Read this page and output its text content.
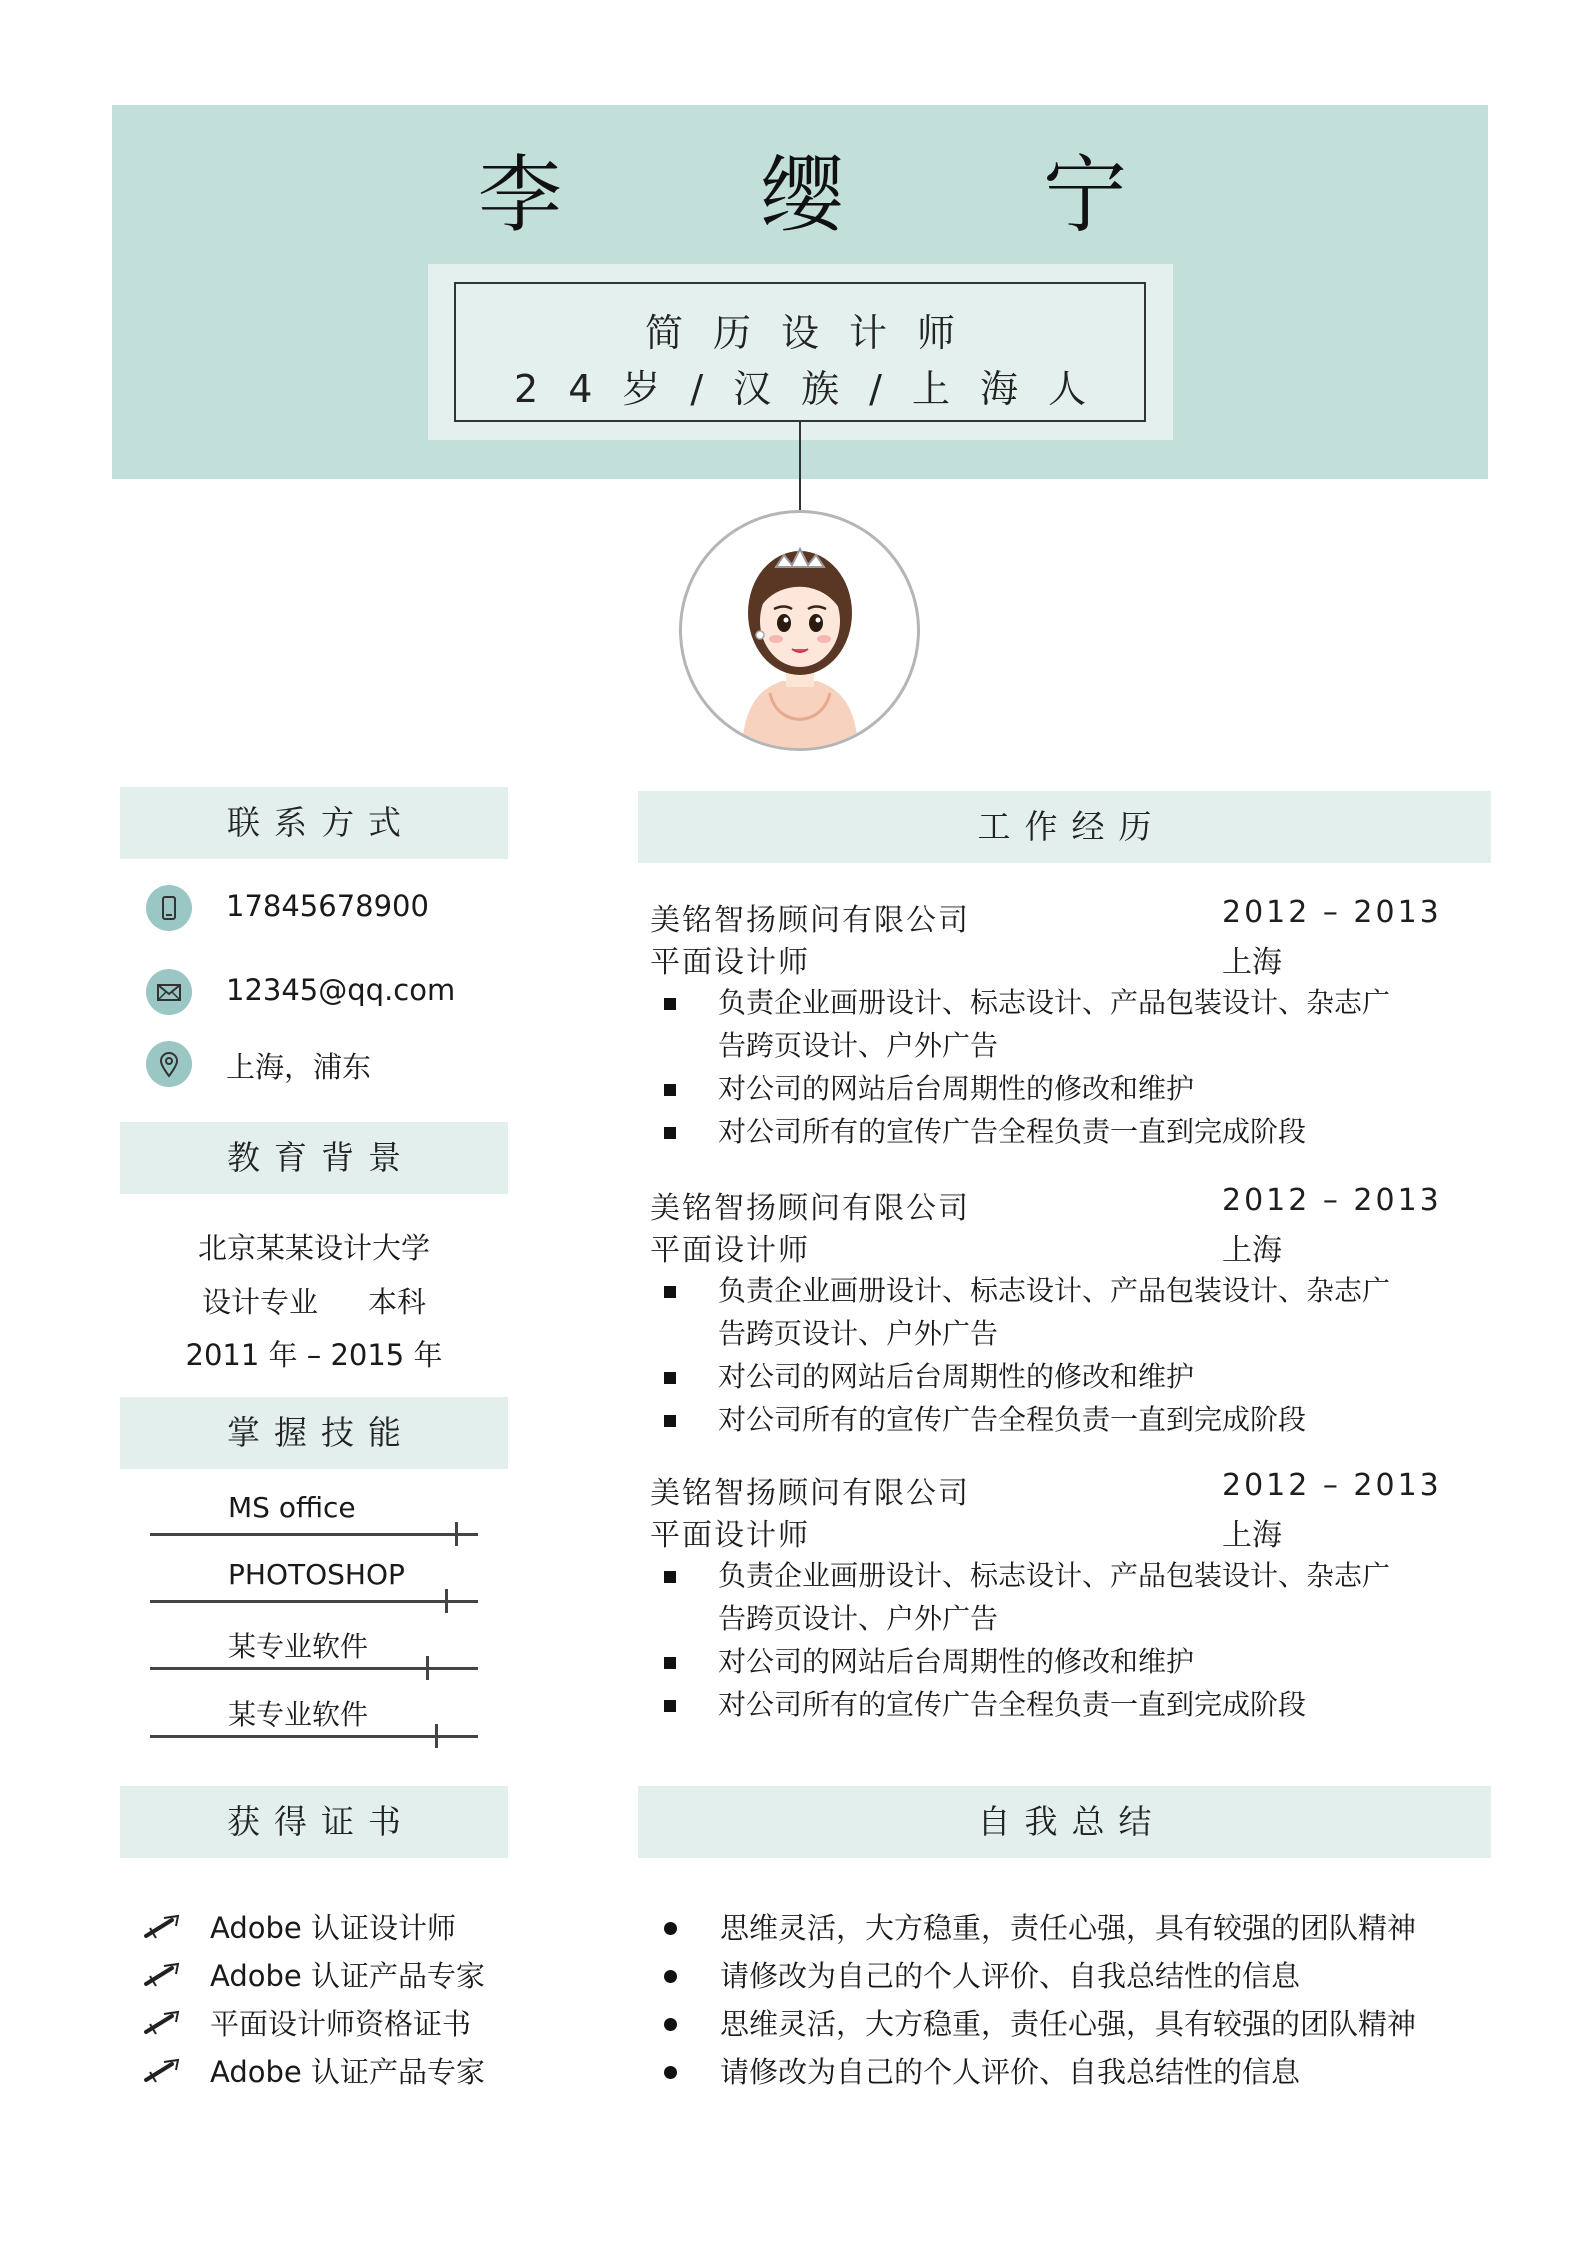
李 缨 宁
简历设计师
24岁/汉族/上海人
联系方式
17845678900
12345@qq.com
上海，浦东
教育背景
北京某某设计大学
设计专业 本科
2011 年 – 2015 年
掌握技能
MS office
PHOTOSHOP
某专业软件
某专业软件
获得证书
Adobe 认证设计师
Adobe 认证产品专家
平面设计师资格证书
Adobe 认证产品专家
工作经历
美铭智扬顾问有限公司	2012 – 2013
平面设计师	上海
负责企业画册设计、标志设计、产品包装设计、杂志广告跨页设计、户外广告
对公司的网站后台周期性的修改和维护
对公司所有的宣传广告全程负责一直到完成阶段
美铭智扬顾问有限公司	2012 – 2013
平面设计师	上海
负责企业画册设计、标志设计、产品包装设计、杂志广告跨页设计、户外广告
对公司的网站后台周期性的修改和维护
对公司所有的宣传广告全程负责一直到完成阶段
美铭智扬顾问有限公司	2012 – 2013
平面设计师	上海
负责企业画册设计、标志设计、产品包装设计、杂志广告跨页设计、户外广告
对公司的网站后台周期性的修改和维护
对公司所有的宣传广告全程负责一直到完成阶段
自我总结
思维灵活，大方稳重，责任心强，具有较强的团队精神
请修改为自己的个人评价、自我总结性的信息
思维灵活，大方稳重，责任心强，具有较强的团队精神
请修改为自己的个人评价、自我总结性的信息
